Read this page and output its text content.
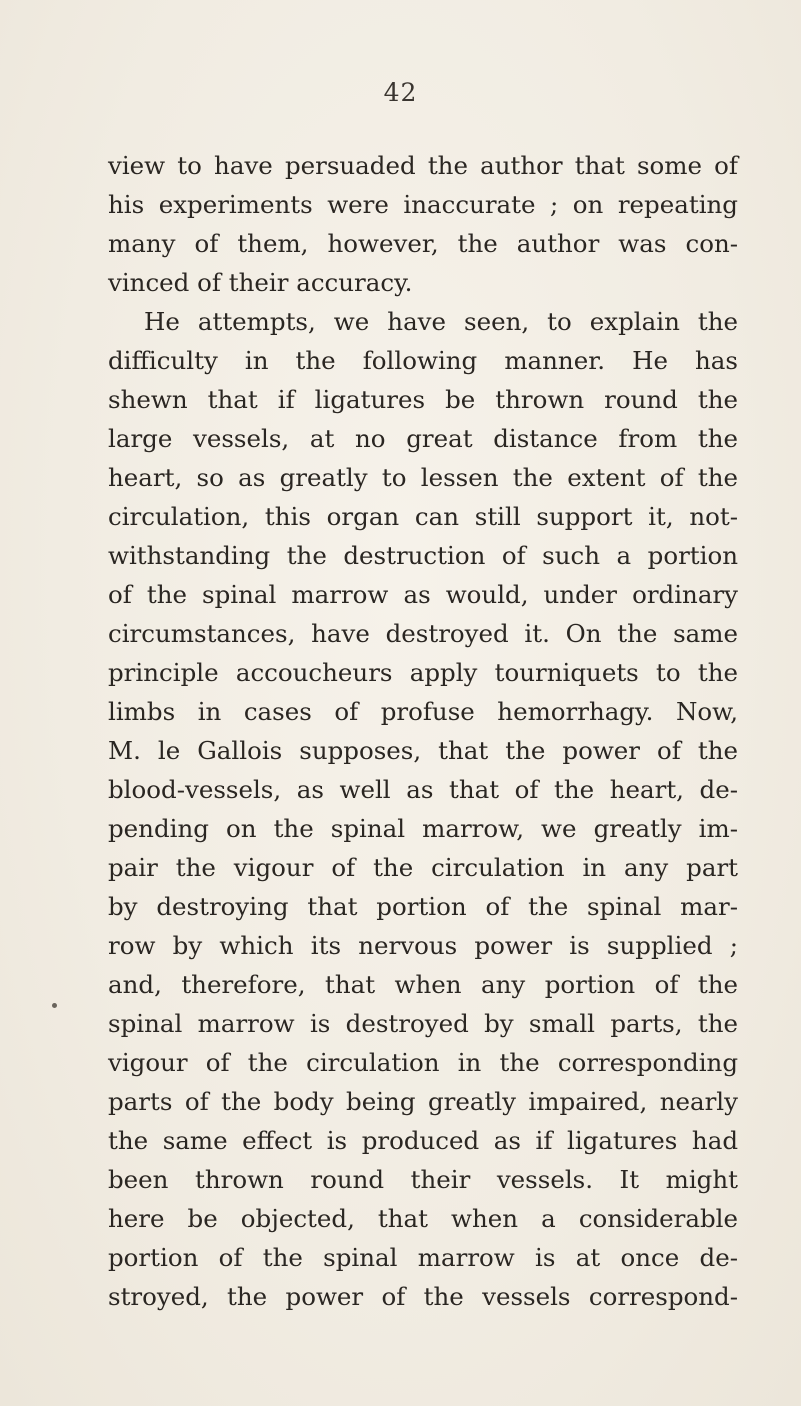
42
view to have persuaded the author that some of
his experiments were inaccurate ; on repeating
many of them, however, the author was con-
vinced of their accuracy.
He attempts, we have seen, to explain the
difficulty in the following manner. He has
shewn that if ligatures be thrown round the
large vessels, at no great distance from the
heart, so as greatly to lessen the extent of the
circulation, this organ can still support it, not-
withstanding the destruction of such a portion
of the spinal marrow as would, under ordinary
circumstances, have destroyed it. On the same
principle accoucheurs apply tourniquets to the
limbs in cases of profuse hemorrhagy. Now,
M. le Gallois supposes, that the power of the
blood-vessels, as well as that of the heart, de-
pending on the spinal marrow, we greatly im-
pair the vigour of the circulation in any part
by destroying that portion of the spinal mar-
row by which its nervous power is supplied ;
and, therefore, that when any portion of the
spinal marrow is destroyed by small parts, the
vigour of the circulation in the corresponding
parts of the body being greatly impaired, nearly
the same effect is produced as if ligatures had
been thrown round their vessels. It might
here be objected, that when a considerable
portion of the spinal marrow is at once de-
stroyed, the power of the vessels correspond-
